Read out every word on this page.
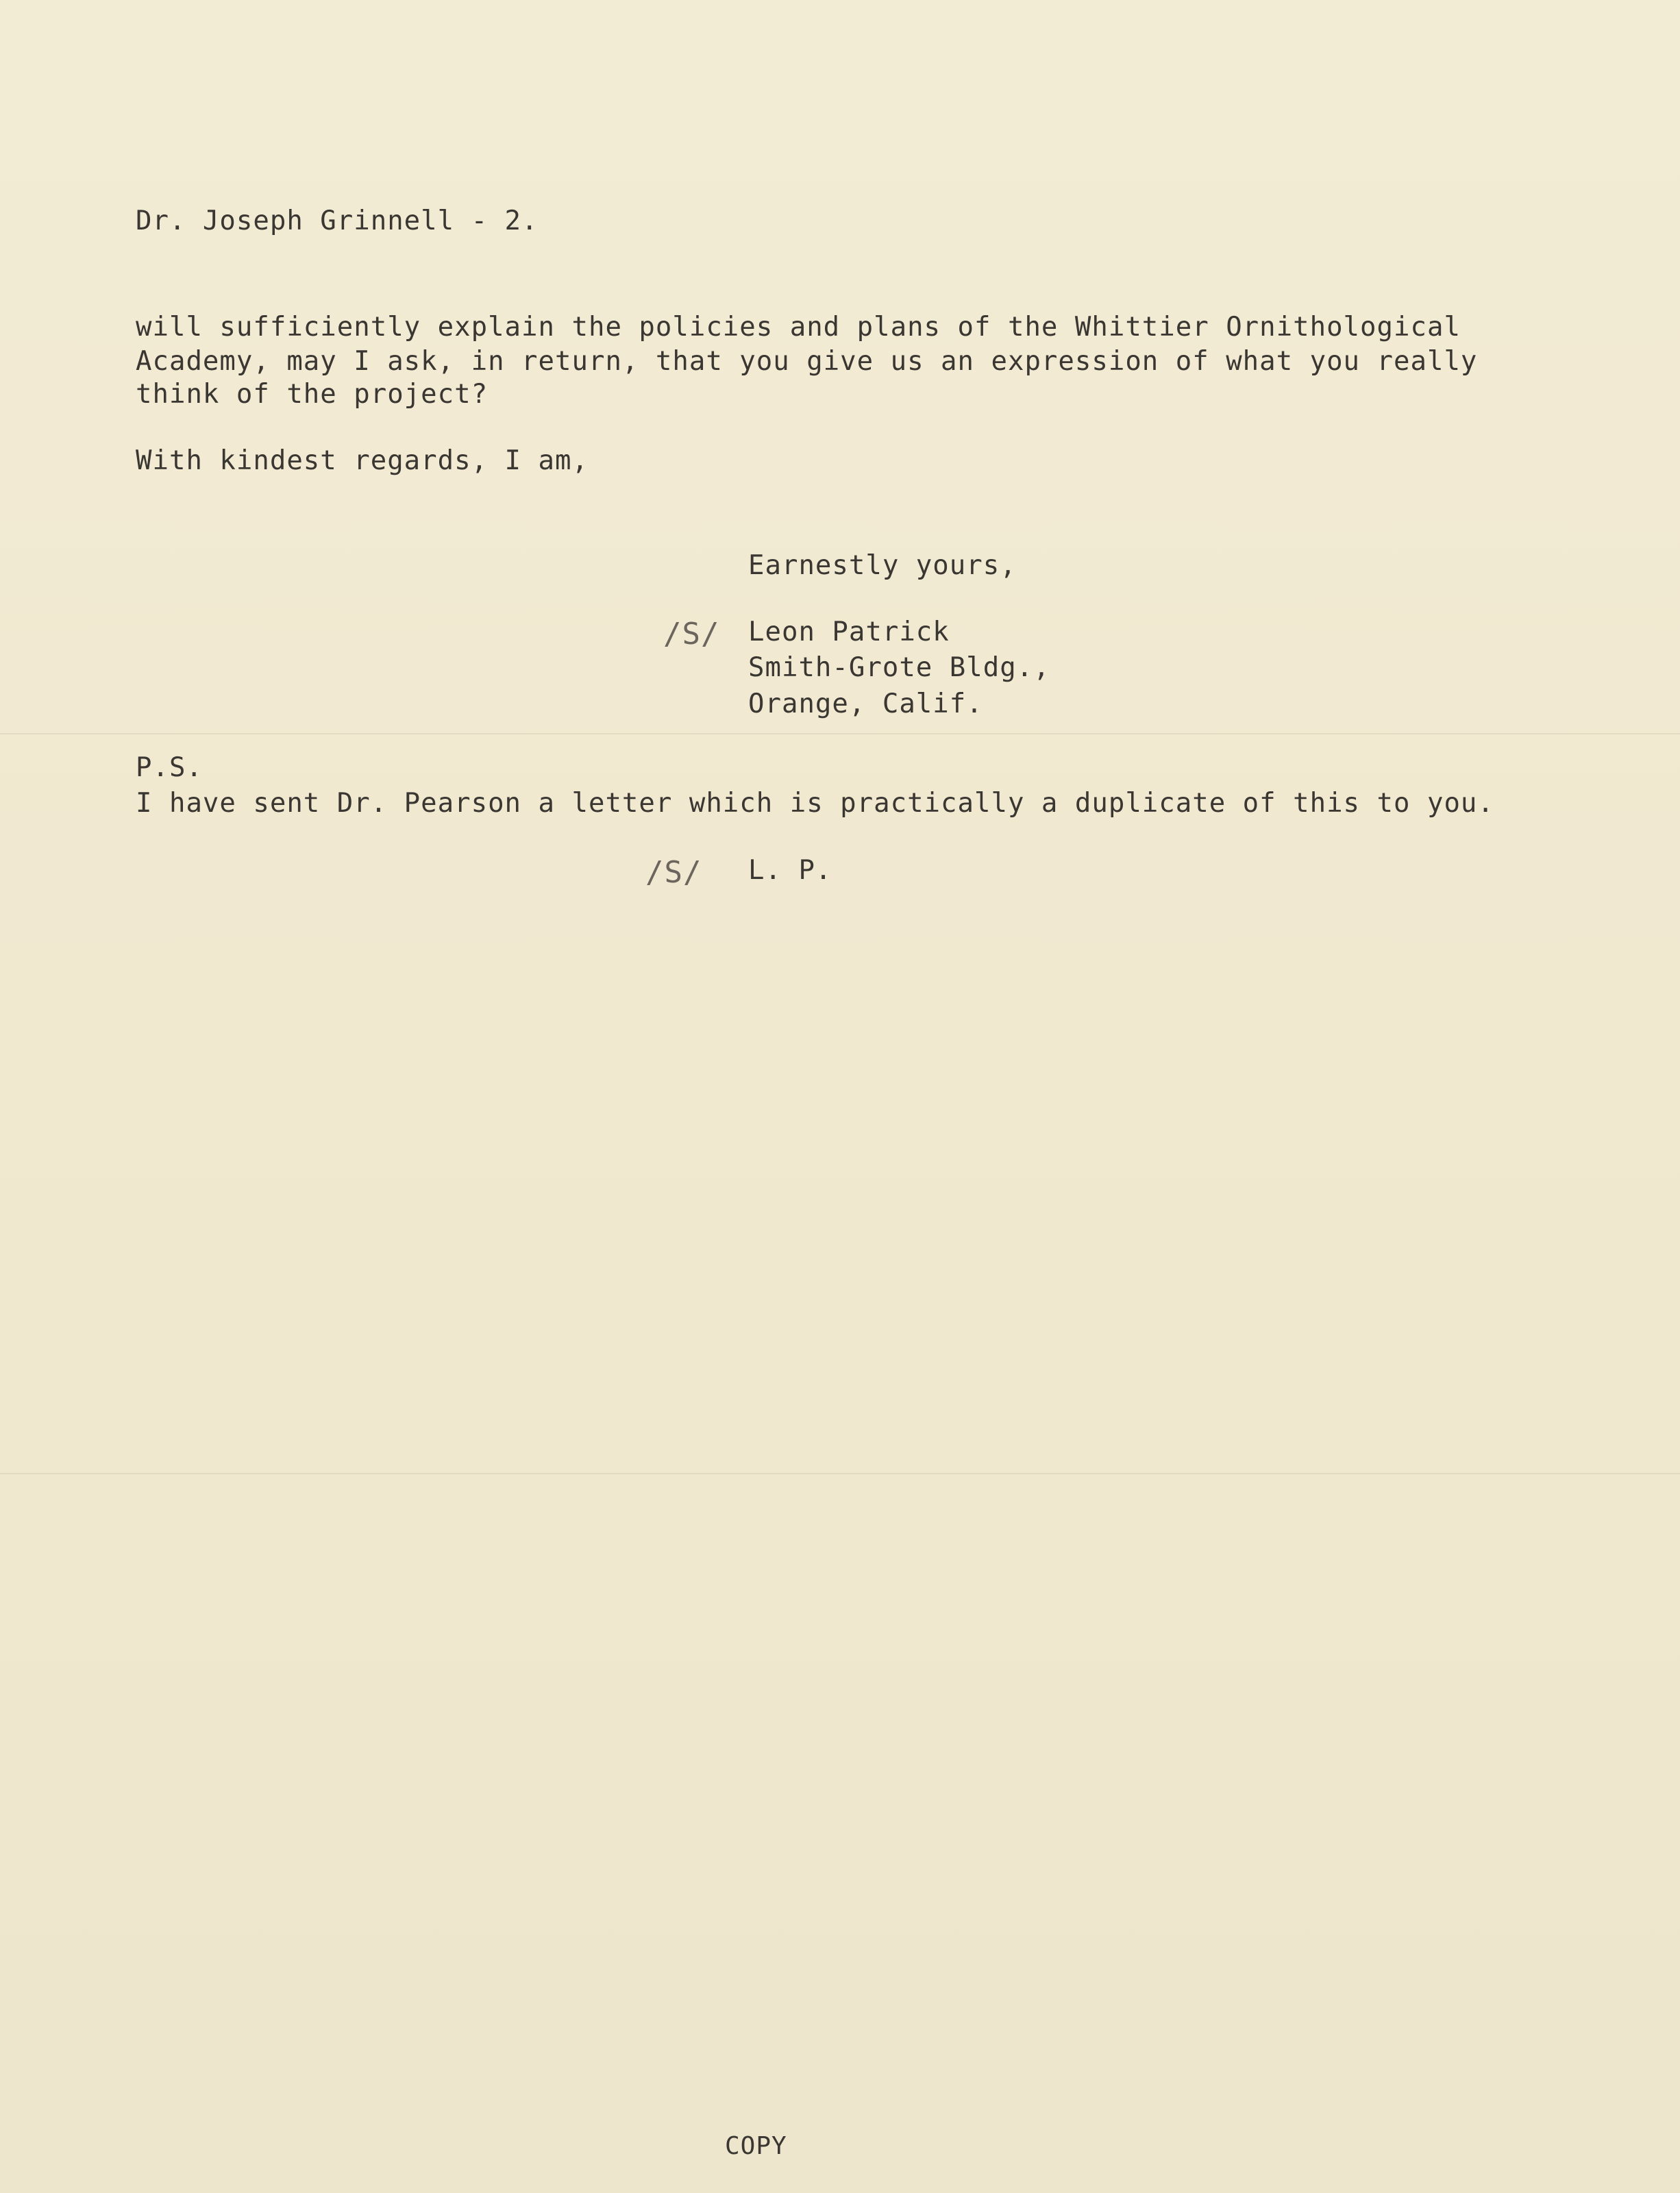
Dr. Joseph Grinnell - 2.
will sufficiently explain the policies and plans of the Whittier Ornithological
Academy, may I ask, in return, that you give us an expression of what you really
think of the project?
With kindest regards, I am,
Earnestly yours,
/S/ Leon Patrick
Smith-Grote Bldg.,
Orange, Calif.
P.S.
I have sent Dr. Pearson a letter which is practically a duplicate of this to you.
/S/ L. P.
COPY
